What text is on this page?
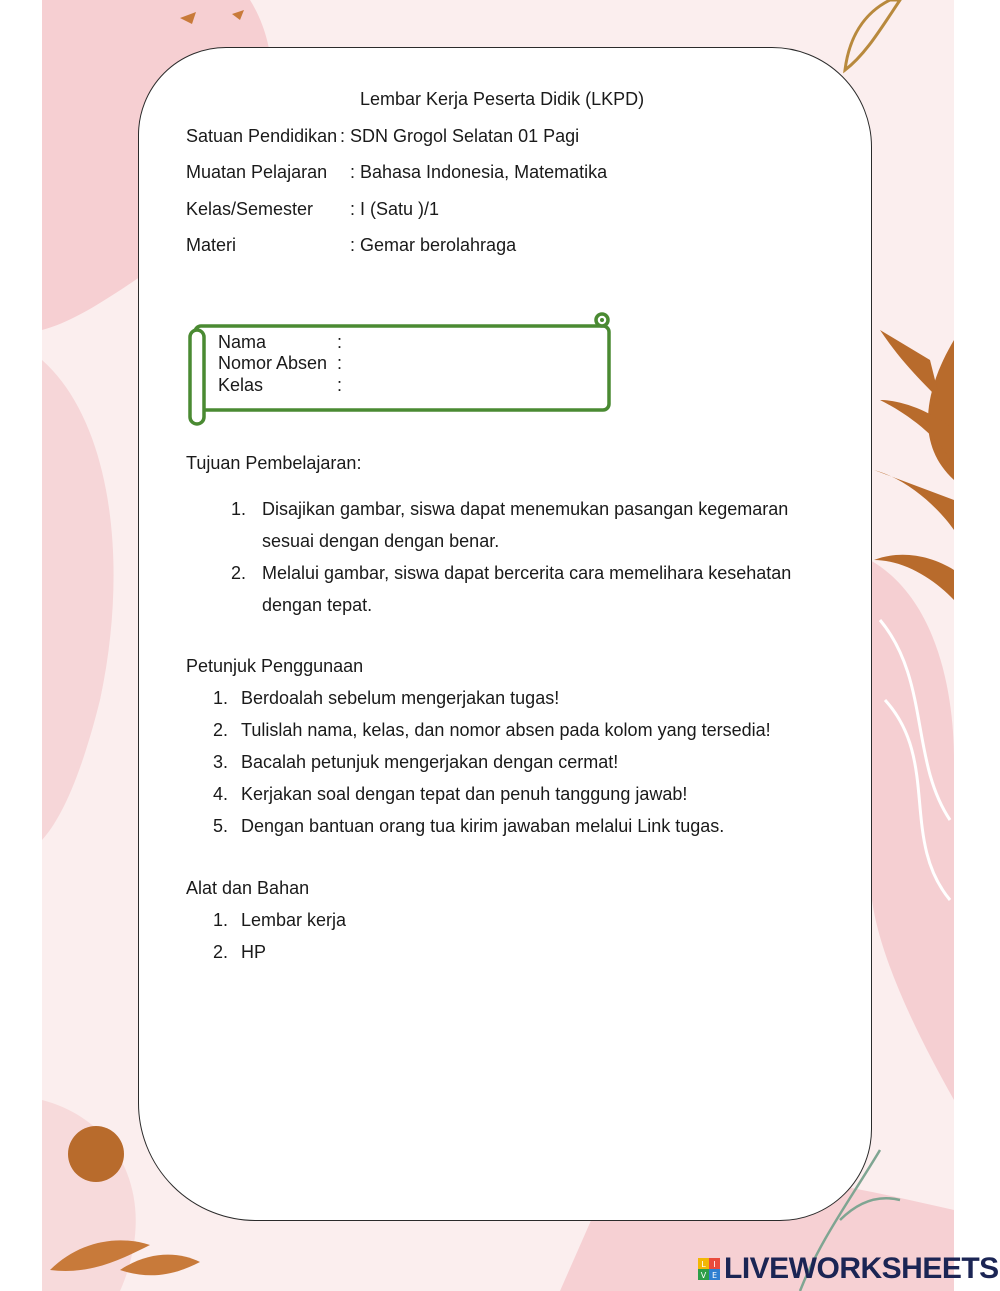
Lembar Kerja Peserta Didik (LKPD)
Satuan Pendidikan : SDN Grogol Selatan 01 Pagi
Muatan Pelajaran : Bahasa Indonesia, Matematika
Kelas/Semester : I (Satu )/1
Materi	: Gemar berolahraga
Nama	:
Nomor Absen :
Kelas	:
Tujuan Pembelajaran:
1. Disajikan gambar, siswa dapat menemukan pasangan kegemaran
sesuai dengan dengan benar.
2. Melalui gambar, siswa dapat bercerita cara memelihara kesehatan
dengan tepat.
Petunjuk Penggunaan
1. Berdoalah sebelum mengerjakan tugas!
2. Tulislah nama, kelas, dan nomor absen pada kolom yang tersedia!
3. Bacalah petunjuk mengerjakan dengan cermat!
4. Kerjakan soal dengan tepat dan penuh tanggung jawab!
5. Dengan bantuan orang tua kirim jawaban melalui Link tugas.
Alat dan Bahan
1. Lembar kerja
2. HP
L I
V E LIVEWORKSHEETS
